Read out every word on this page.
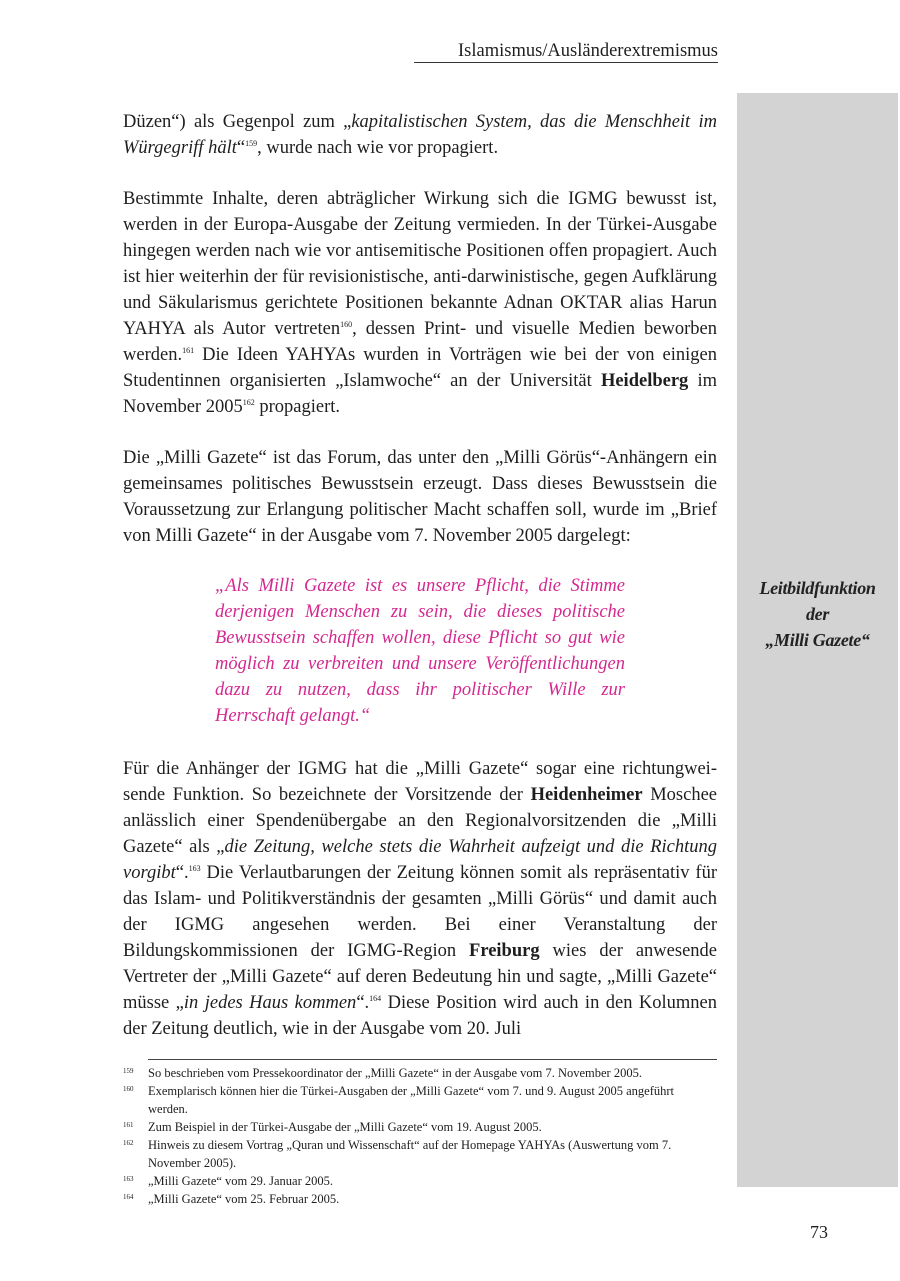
Islamismus/Ausländerextremismus
Leitbildfunktion
der
„Milli Gazete“
Düzen“) als Gegenpol zum „kapitalistischen System, das die Menschheit im Würgegriff hält“$^{159}$, wurde nach wie vor propagiert.
Bestimmte Inhalte, deren abträglicher Wirkung sich die IGMG bewusst ist, werden in der Europa-Ausgabe der Zeitung vermieden. In der Türkei-Ausgabe hingegen werden nach wie vor antisemitische Positionen offen propagiert. Auch ist hier weiterhin der für revisionistische, anti-darwinistische, gegen Aufklärung und Säkularismus gerichtete Positionen bekannte Adnan OKTAR alias Harun YAHYA als Autor vertreten$^{160}$, dessen Print- und visuelle Medien beworben werden.$^{161}$ Die Ideen YAHYAs wurden in Vorträgen wie bei der von einigen Studentinnen organisierten „Islamwoche“ an der Universität Heidelberg im November 2005$^{162}$ propagiert.
Die „Milli Gazete“ ist das Forum, das unter den „Milli Görüs“-Anhängern ein gemeinsames politisches Bewusstsein erzeugt. Dass dieses Bewusstsein die Voraussetzung zur Erlangung politischer Macht schaffen soll, wurde im „Brief von Milli Gazete“ in der Ausgabe vom 7. November 2005 dargelegt:
„Als Milli Gazete ist es unsere Pflicht, die Stimme derjenigen Menschen zu sein, die dieses politische Bewusstsein schaffen wollen, diese Pflicht so gut wie möglich zu verbreiten und unsere Veröffentlichungen dazu zu nutzen, dass ihr politischer Wille zur Herrschaft gelangt.“
Für die Anhänger der IGMG hat die „Milli Gazete“ sogar eine richtungweisende Funktion. So bezeichnete der Vorsitzende der Heidenheimer Moschee anlässlich einer Spendenübergabe an den Regionalvorsitzenden die „Milli Gazete“ als „die Zeitung, welche stets die Wahrheit aufzeigt und die Richtung vorgibt“.$^{163}$ Die Verlautbarungen der Zeitung können somit als repräsentativ für das Islam- und Politikverständnis der gesamten „Milli Görüs“ und damit auch der IGMG angesehen werden. Bei einer Veranstaltung der Bildungskommissionen der IGMG-Region Freiburg wies der anwesende Vertreter der „Milli Gazete“ auf deren Bedeutung hin und sagte, „Milli Gazete“ müsse „in jedes Haus kommen“.$^{164}$ Diese Position wird auch in den Kolumnen der Zeitung deutlich, wie in der Ausgabe vom 20. Juli
159	So beschrieben vom Pressekoordinator der „Milli Gazete“ in der Ausgabe vom 7. November 2005.
160	Exemplarisch können hier die Türkei-Ausgaben der „Milli Gazete“ vom 7. und 9. August 2005 angeführt werden.
161	Zum Beispiel in der Türkei-Ausgabe der „Milli Gazete“ vom 19. August 2005.
162	Hinweis zu diesem Vortrag „Quran und Wissenschaft“ auf der Homepage YAHYAs (Auswertung vom 7. November 2005).
163	„Milli Gazete“ vom 29. Januar 2005.
164	„Milli Gazete“ vom 25. Februar 2005.
73
